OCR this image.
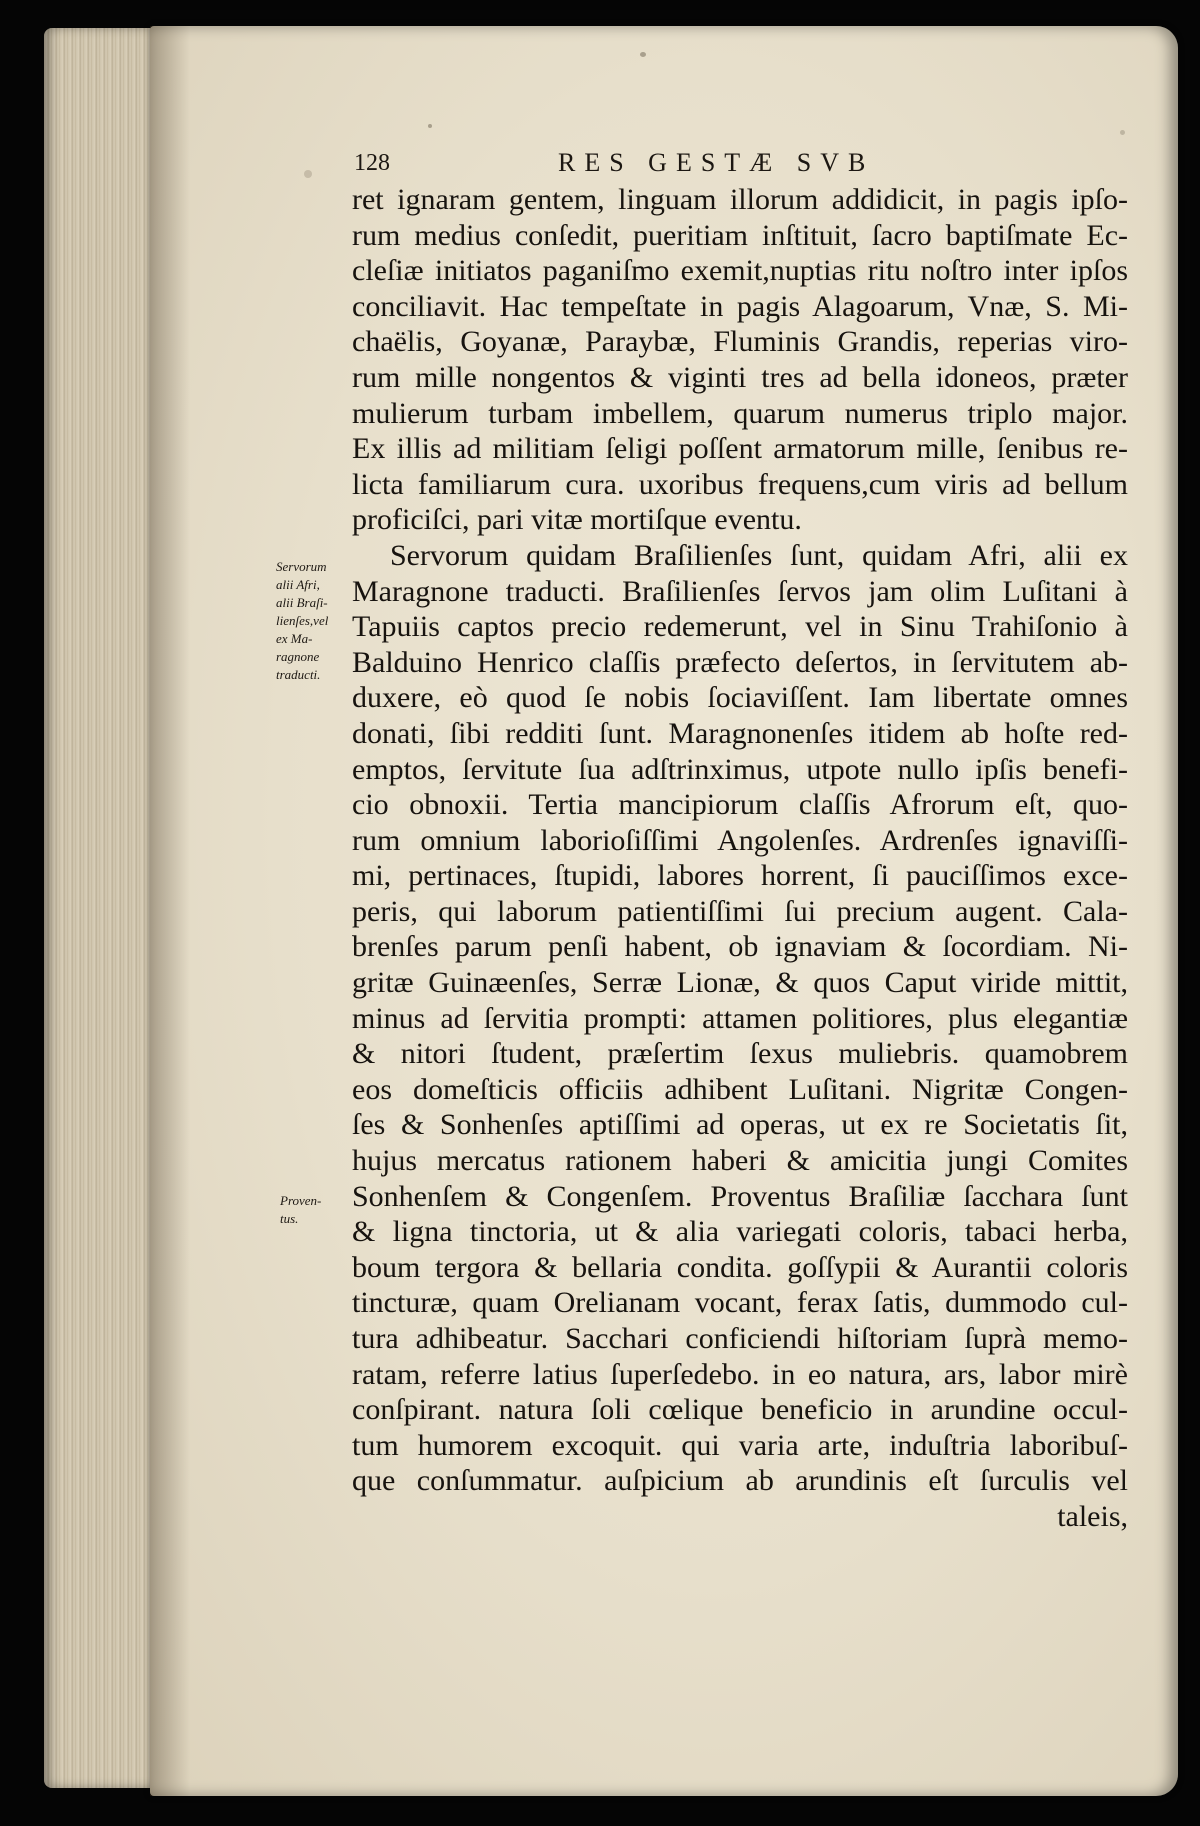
128	RES GESTÆ SVB
ret ignaram gentem, linguam illorum addidicit, in pagis ipſo-
rum medius conſedit, pueritiam inſtituit, ſacro baptiſmate Ec-
cleſiæ initiatos paganiſmo exemit,nuptias ritu noſtro inter ipſos
conciliavit. Hac tempeſtate in pagis Alagoarum, Vnæ, S. Mi-
chaëlis, Goyanæ, Paraybæ, Fluminis Grandis, reperias viro-
rum mille nongentos & viginti tres ad bella idoneos, præter
mulierum turbam imbellem, quarum numerus triplo major.
Ex illis ad militiam ſeligi poſſent armatorum mille, ſenibus re-
licta familiarum cura. uxoribus frequens,cum viris ad bellum
proficiſci, pari vitæ mortiſque eventu.
Servorum quidam Braſilienſes ſunt, quidam Afri, alii ex
Maragnone traducti. Braſilienſes ſervos jam olim Luſitani à
Tapuiis captos precio redemerunt, vel in Sinu Trahiſonio à
Balduino Henrico claſſis præfecto deſertos, in ſervitutem ab-
duxere, eò quod ſe nobis ſociaviſſent. Iam libertate omnes
donati, ſibi redditi ſunt. Maragnonenſes itidem ab hoſte red-
emptos, ſervitute ſua adſtrinximus, utpote nullo ipſis benefi-
cio obnoxii. Tertia mancipiorum claſſis Afrorum eſt, quo-
rum omnium laborioſiſſimi Angolenſes. Ardrenſes ignaviſſi-
mi, pertinaces, ſtupidi, labores horrent, ſi pauciſſimos exce-
peris, qui laborum patientiſſimi ſui precium augent. Cala-
brenſes parum penſi habent, ob ignaviam & ſocordiam. Ni-
gritæ Guinæenſes, Serræ Lionæ, & quos Caput viride mittit,
minus ad ſervitia prompti: attamen politiores, plus elegantiæ
& nitori ſtudent, præſertim ſexus muliebris. quamobrem
eos domeſticis officiis adhibent Luſitani. Nigritæ Congen-
ſes & Sonhenſes aptiſſimi ad operas, ut ex re Societatis ſit,
hujus mercatus rationem haberi & amicitia jungi Comites
Sonhenſem & Congenſem. Proventus Braſiliæ ſacchara ſunt
& ligna tinctoria, ut & alia variegati coloris, tabaci herba,
boum tergora & bellaria condita. goſſypii & Aurantii coloris
tincturæ, quam Orelianam vocant, ferax ſatis, dummodo cul-
tura adhibeatur. Sacchari conficiendi hiſtoriam ſuprà memo-
ratam, referre latius ſuperſedebo. in eo natura, ars, labor mirè
conſpirant. natura ſoli cœlique beneficio in arundine occul-
tum humorem excoquit. qui varia arte, induſtria laboribuſ-
que conſummatur. auſpicium ab arundinis eſt ſurculis vel
taleis,
Servorum
alii Afri,
alii Braſi-
lienſes,vel
ex Ma-
ragnone
traducti.
Proven-
tus.
